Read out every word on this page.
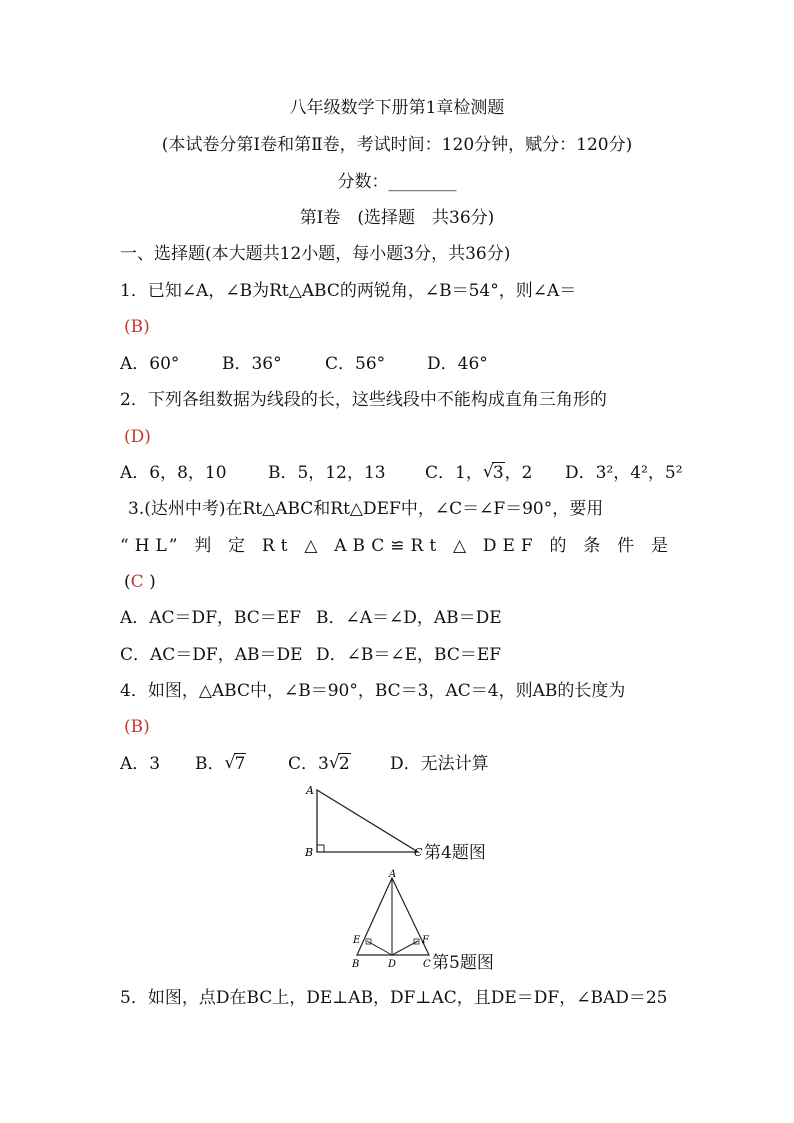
八年级数学下册第1章检测题
(本试卷分第Ⅰ卷和第Ⅱ卷，考试时间：120分钟，赋分：120分)
分数：________
第Ⅰ卷　(选择题　共36分)
一、选择题(本大题共12小题，每小题3分，共36分)
1．已知∠A，∠B为Rt△ABC的两锐角，∠B＝54°，则∠A＝
(B)
A．60°	B．36°	C．56° D．46°
2．下列各组数据为线段的长，这些线段中不能构成直角三角形的
(D)
A．6，8，10 B．5，12，13 C．1， √ 3，2 D．3²，4²，5²
3.(达州中考)在Rt△ABC和Rt△DEF中，∠C＝∠F＝90°，要用
“HL”判定Rt△ABC≌Rt△DEF的条件是
(C )
A．AC＝DF，BC＝EF B．∠A＝∠D，AB＝DE
C．AC＝DF，AB＝DE D．∠B＝∠E，BC＝EF
4．如图，△ABC中，∠B＝90°，BC＝3，AC＝4，则AB的长度为
(B)
A．3 B． √ 7	C．3 √ 2 D．无法计算
A
B	C 第4题图
A
B	D	C
E	F
第5题图
5．如图，点D在BC上，DE⊥AB，DF⊥AC，且DE＝DF，∠BAD＝25
